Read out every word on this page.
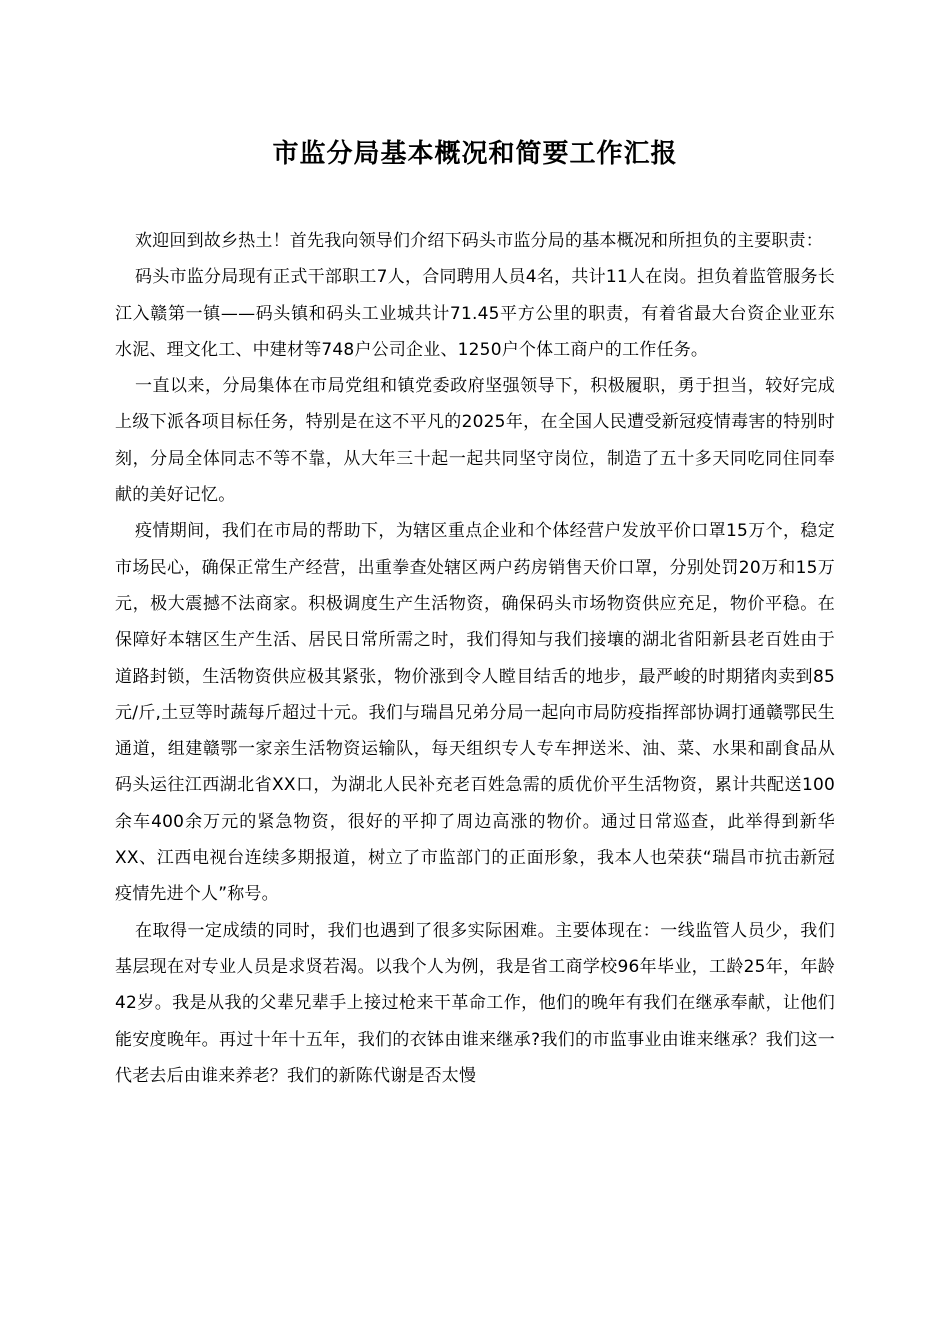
市监分局基本概况和简要工作汇报

欢迎回到故乡热土！首先我向领导们介绍下码头市监分局的基本概况和所担负的主要职责：

码头市监分局现有正式干部职工7人，合同聘用人员4名，共计11人在岗。担负着监管服务长江入赣第一镇——码头镇和码头工业城共计71.45平方公里的职责，有着省最大台资企业亚东水泥、理文化工、中建材等748户公司企业、1250户个体工商户的工作任务。

一直以来，分局集体在市局党组和镇党委政府坚强领导下，积极履职，勇于担当，较好完成上级下派各项目标任务，特别是在这不平凡的2025年，在全国人民遭受新冠疫情毒害的特别时刻，分局全体同志不等不靠，从大年三十起一起共同坚守岗位，制造了五十多天同吃同住同奉献的美好记忆。

疫情期间，我们在市局的帮助下，为辖区重点企业和个体经营户发放平价口罩15万个，稳定市场民心，确保正常生产经营，出重拳查处辖区两户药房销售天价口罩，分别处罚20万和15万元，极大震撼不法商家。积极调度生产生活物资，确保码头市场物资供应充足，物价平稳。在保障好本辖区生产生活、居民日常所需之时，我们得知与我们接壤的湖北省阳新县老百姓由于道路封锁，生活物资供应极其紧张，物价涨到令人瞠目结舌的地步，最严峻的时期猪肉卖到85元/斤,土豆等时蔬每斤超过十元。我们与瑞昌兄弟分局一起向市局防疫指挥部协调打通赣鄂民生通道，组建赣鄂一家亲生活物资运输队，每天组织专人专车押送米、油、菜、水果和副食品从码头运往江西湖北省XX口，为湖北人民补充老百姓急需的质优价平生活物资，累计共配送100余车400余万元的紧急物资，很好的平抑了周边高涨的物价。通过日常巡查，此举得到新华XX、江西电视台连续多期报道，树立了市监部门的正面形象，我本人也荣获“瑞昌市抗击新冠疫情先进个人”称号。

在取得一定成绩的同时，我们也遇到了很多实际困难。主要体现在：一线监管人员少，我们基层现在对专业人员是求贤若渴。以我个人为例，我是省工商学校96年毕业，工龄25年，年龄42岁。我是从我的父辈兄辈手上接过枪来干革命工作，他们的晚年有我们在继承奉献，让他们能安度晚年。再过十年十五年，我们的衣钵由谁来继承?我们的市监事业由谁来继承？我们这一代老去后由谁来养老？我们的新陈代谢是否太慢
